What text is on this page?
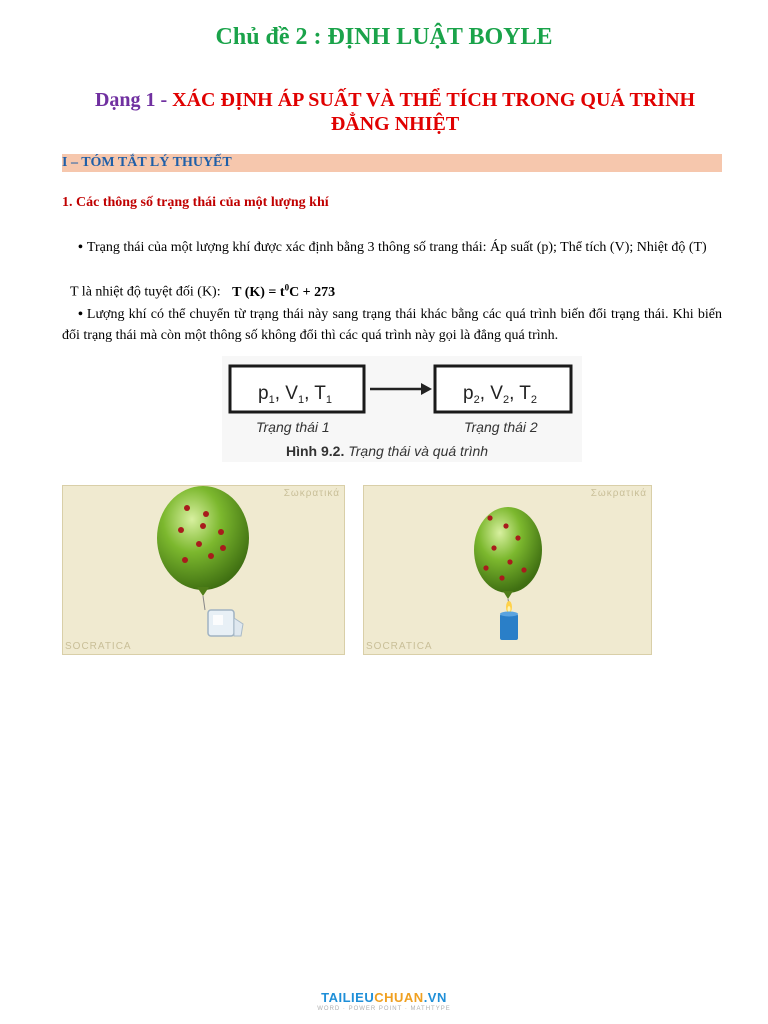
Chủ đề 2 : ĐỊNH LUẬT BOYLE
Dạng 1 - XÁC ĐỊNH ÁP SUẤT VÀ THỂ TÍCH TRONG QUÁ TRÌNH ĐẲNG NHIỆT
I – TÓM TẮT LÝ THUYẾT
1. Các thông số trạng thái của một lượng khí
• Trạng thái của một lượng khí được xác định bằng 3 thông số trang thái: Áp suất (p); Thể tích (V); Nhiệt độ (T)
T là nhiệt độ tuyệt đối (K): T $(K) = t^0C + 273$
• Lượng khí có thể chuyển từ trạng thái này sang trạng thái khác bằng các quá trình biến đổi trạng thái. Khi biến đổi trạng thái mà còn một thông số không đổi thì các quá trình này gọi là đẳng quá trình.
$p_1$, $V_1$, $T_1$	$p_2$, $V_2$, $T_2$
Trạng thái 1	Trạng thái 2
Hình 9.2. Trạng thái và quá trình
Σωκρατικά
SOCRATICA
Σωκρατικά
SOCRATICA
TAILIEUCHUAN.VN
WORD · POWER POINT · MATHTYPE
